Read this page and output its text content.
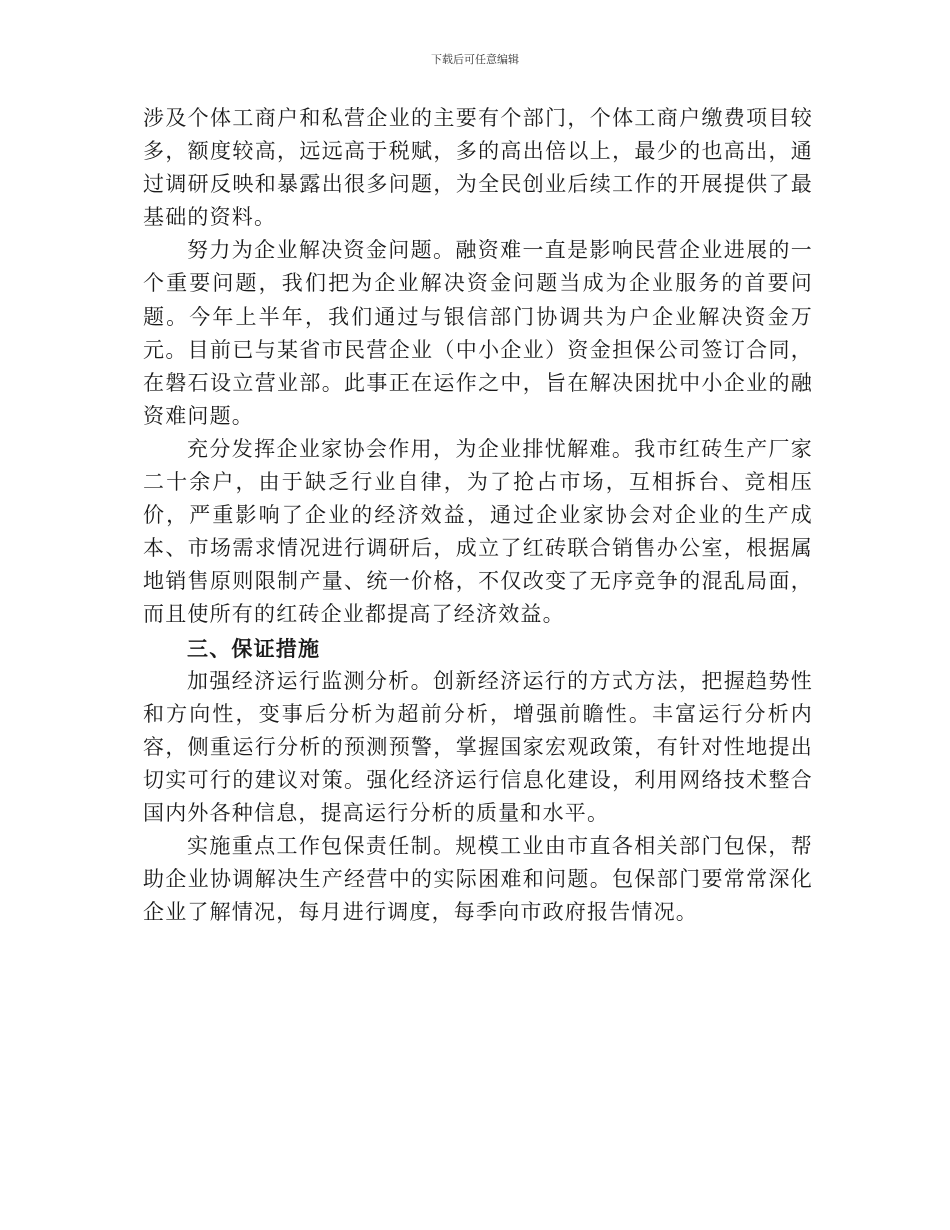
下载后可任意编辑

涉及个体工商户和私营企业的主要有个部门，个体工商户缴费项目较多，额度较高，远远高于税赋，多的高出倍以上，最少的也高出，通过调研反映和暴露出很多问题，为全民创业后续工作的开展提供了最基础的资料。

努力为企业解决资金问题。融资难一直是影响民营企业进展的一个重要问题，我们把为企业解决资金问题当成为企业服务的首要问题。今年上半年，我们通过与银信部门协调共为户企业解决资金万元。目前已与某省市民营企业（中小企业）资金担保公司签订合同，在磐石设立营业部。此事正在运作之中，旨在解决困扰中小企业的融资难问题。

充分发挥企业家协会作用，为企业排忧解难。我市红砖生产厂家二十余户，由于缺乏行业自律，为了抢占市场，互相拆台、竞相压价，严重影响了企业的经济效益，通过企业家协会对企业的生产成本、市场需求情况进行调研后，成立了红砖联合销售办公室，根据属地销售原则限制产量、统一价格，不仅改变了无序竞争的混乱局面，而且使所有的红砖企业都提高了经济效益。

三、保证措施

加强经济运行监测分析。创新经济运行的方式方法，把握趋势性和方向性，变事后分析为超前分析，增强前瞻性。丰富运行分析内容，侧重运行分析的预测预警，掌握国家宏观政策，有针对性地提出切实可行的建议对策。强化经济运行信息化建设，利用网络技术整合国内外各种信息，提高运行分析的质量和水平。

实施重点工作包保责任制。规模工业由市直各相关部门包保，帮助企业协调解决生产经营中的实际困难和问题。包保部门要常常深化企业了解情况，每月进行调度，每季向市政府报告情况。
